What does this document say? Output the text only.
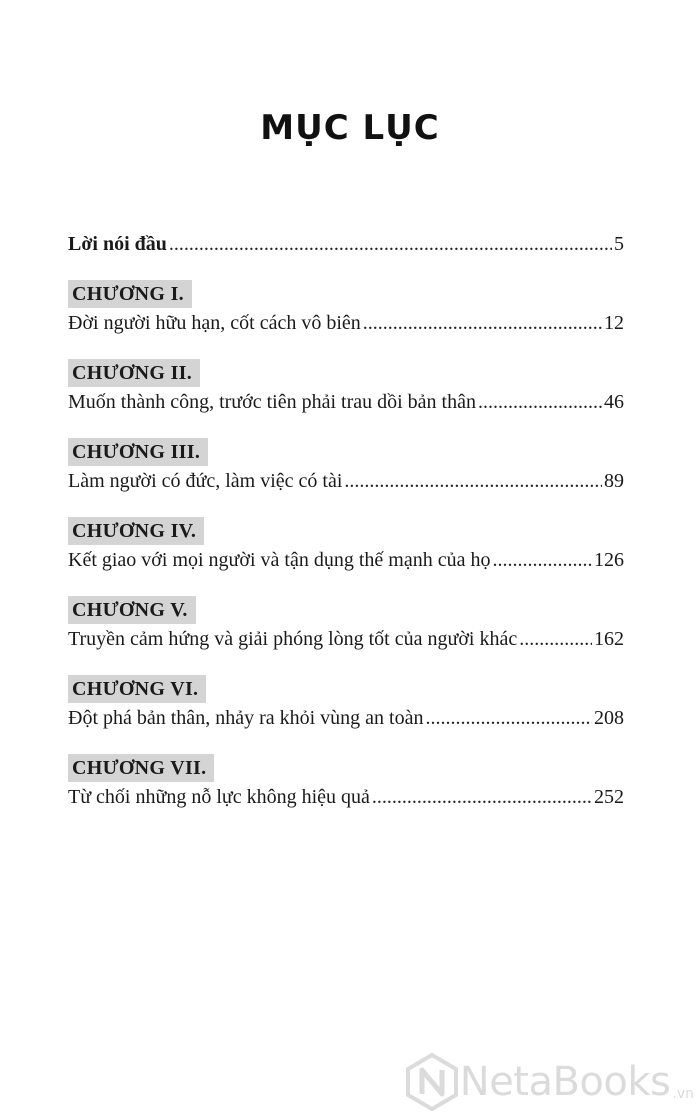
MỤC LỤC
Lời nói đầu .....	5
CHƯƠNG I.
Đời người hữu hạn, cốt cách vô biên .....	12
CHƯƠNG II.
Muốn thành công, trước tiên phải trau dồi bản thân .....	46
CHƯƠNG III.
Làm người có đức, làm việc có tài .....	89
CHƯƠNG IV.
Kết giao với mọi người và tận dụng thế mạnh của họ .....	126
CHƯƠNG V.
Truyền cảm hứng và giải phóng lòng tốt của người khác .....	162
CHƯƠNG VI.
Đột phá bản thân, nhảy ra khỏi vùng an toàn .....	208
CHƯƠNG VII.
Từ chối những nỗ lực không hiệu quả .....	252
NetaBooks .vn
